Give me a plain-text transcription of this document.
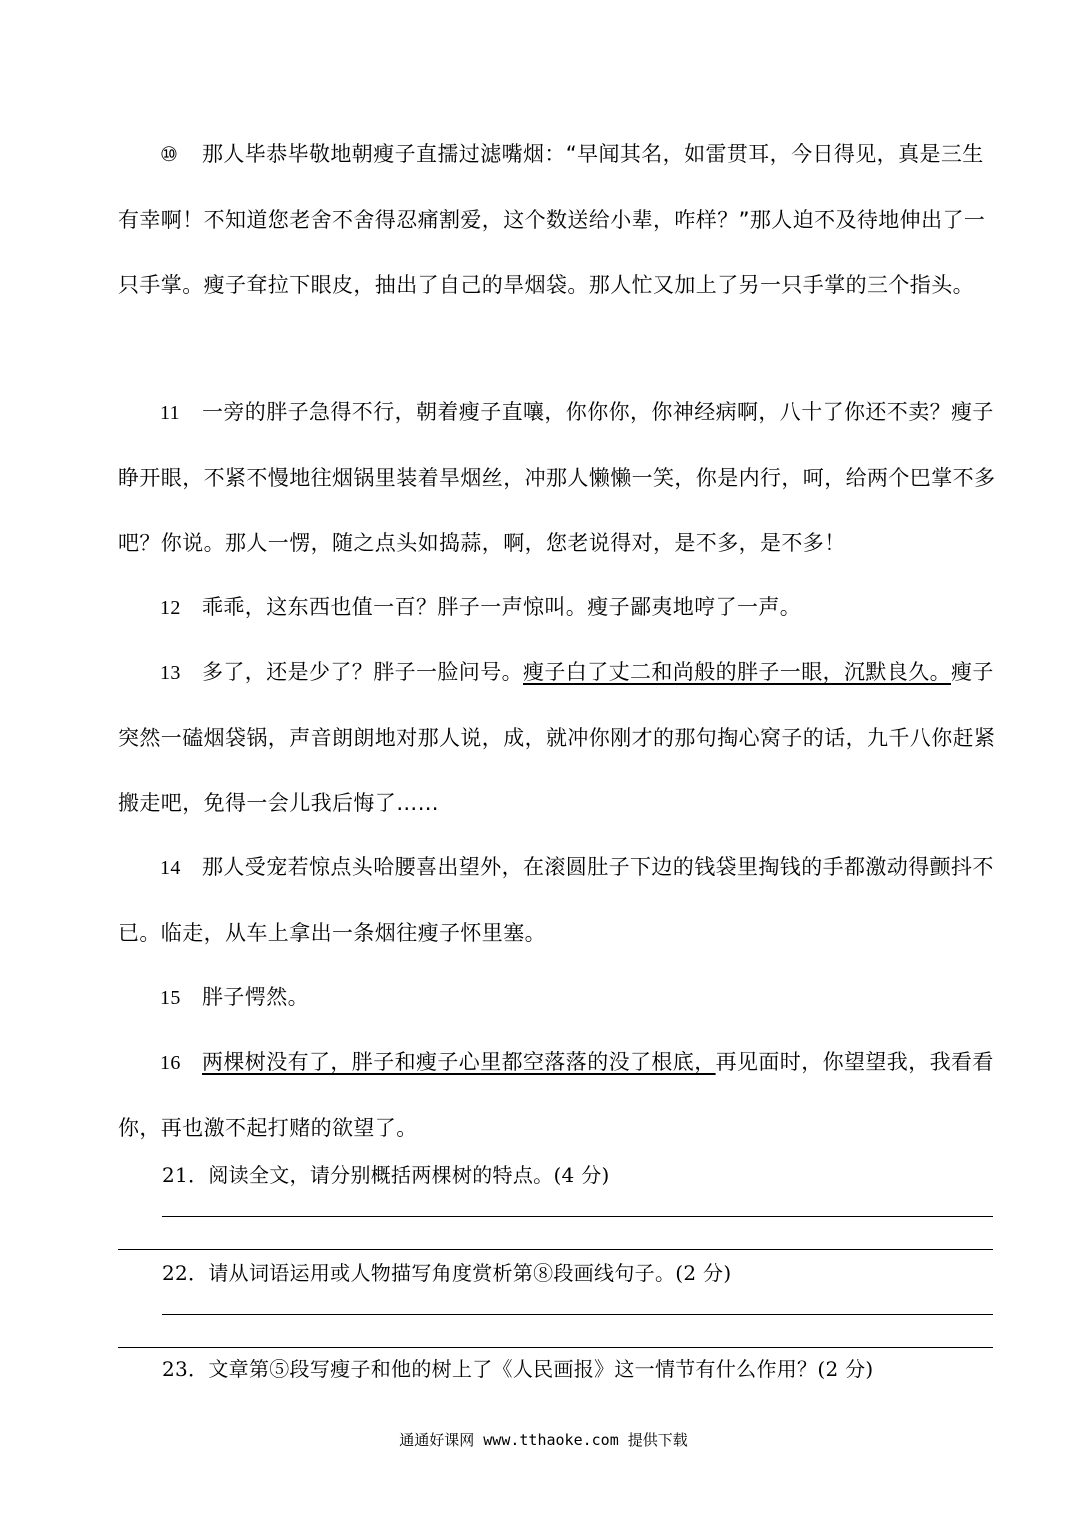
⑩ 那人毕恭毕敬地朝瘦子直擩过滤嘴烟：“早闻其名，如雷贯耳，今日得见，真是三生有幸啊！不知道您老舍不舍得忍痛割爱，这个数送给小辈，咋样？”那人迫不及待地伸出了一只手掌。瘦子耷拉下眼皮，抽出了自己的旱烟袋。那人忙又加上了另一只手掌的三个指头。

11 一旁的胖子急得不行，朝着瘦子直嚷，你你你，你神经病啊，八十了你还不卖？瘦子睁开眼，不紧不慢地往烟锅里装着旱烟丝，冲那人懒懒一笑，你是内行，呵，给两个巴掌不多吧？你说。那人一愣，随之点头如捣蒜，啊，您老说得对，是不多，是不多！

12 乖乖，这东西也值一百？胖子一声惊叫。瘦子鄙夷地哼了一声。

13 多了，还是少了？胖子一脸问号。瘦子白了丈二和尚般的胖子一眼，沉默良久。瘦子突然一磕烟袋锅，声音朗朗地对那人说，成，就冲你刚才的那句掏心窝子的话，九千八你赶紧搬走吧，免得一会儿我后悔了……

14 那人受宠若惊点头哈腰喜出望外，在滚圆肚子下边的钱袋里掏钱的手都激动得颤抖不已。临走，从车上拿出一条烟往瘦子怀里塞。

15 胖子愕然。

16 两棵树没有了，胖子和瘦子心里都空落落的没了根底，再见面时，你望望我，我看看你，再也激不起打赌的欲望了。

21．阅读全文，请分别概括两棵树的特点。(4 分)

22．请从词语运用或人物描写角度赏析第⑧段画线句子。(2 分)

23．文章第⑤段写瘦子和他的树上了《人民画报》这一情节有什么作用？(2 分)

通通好课网 www.tthaoke.com 提供下载
